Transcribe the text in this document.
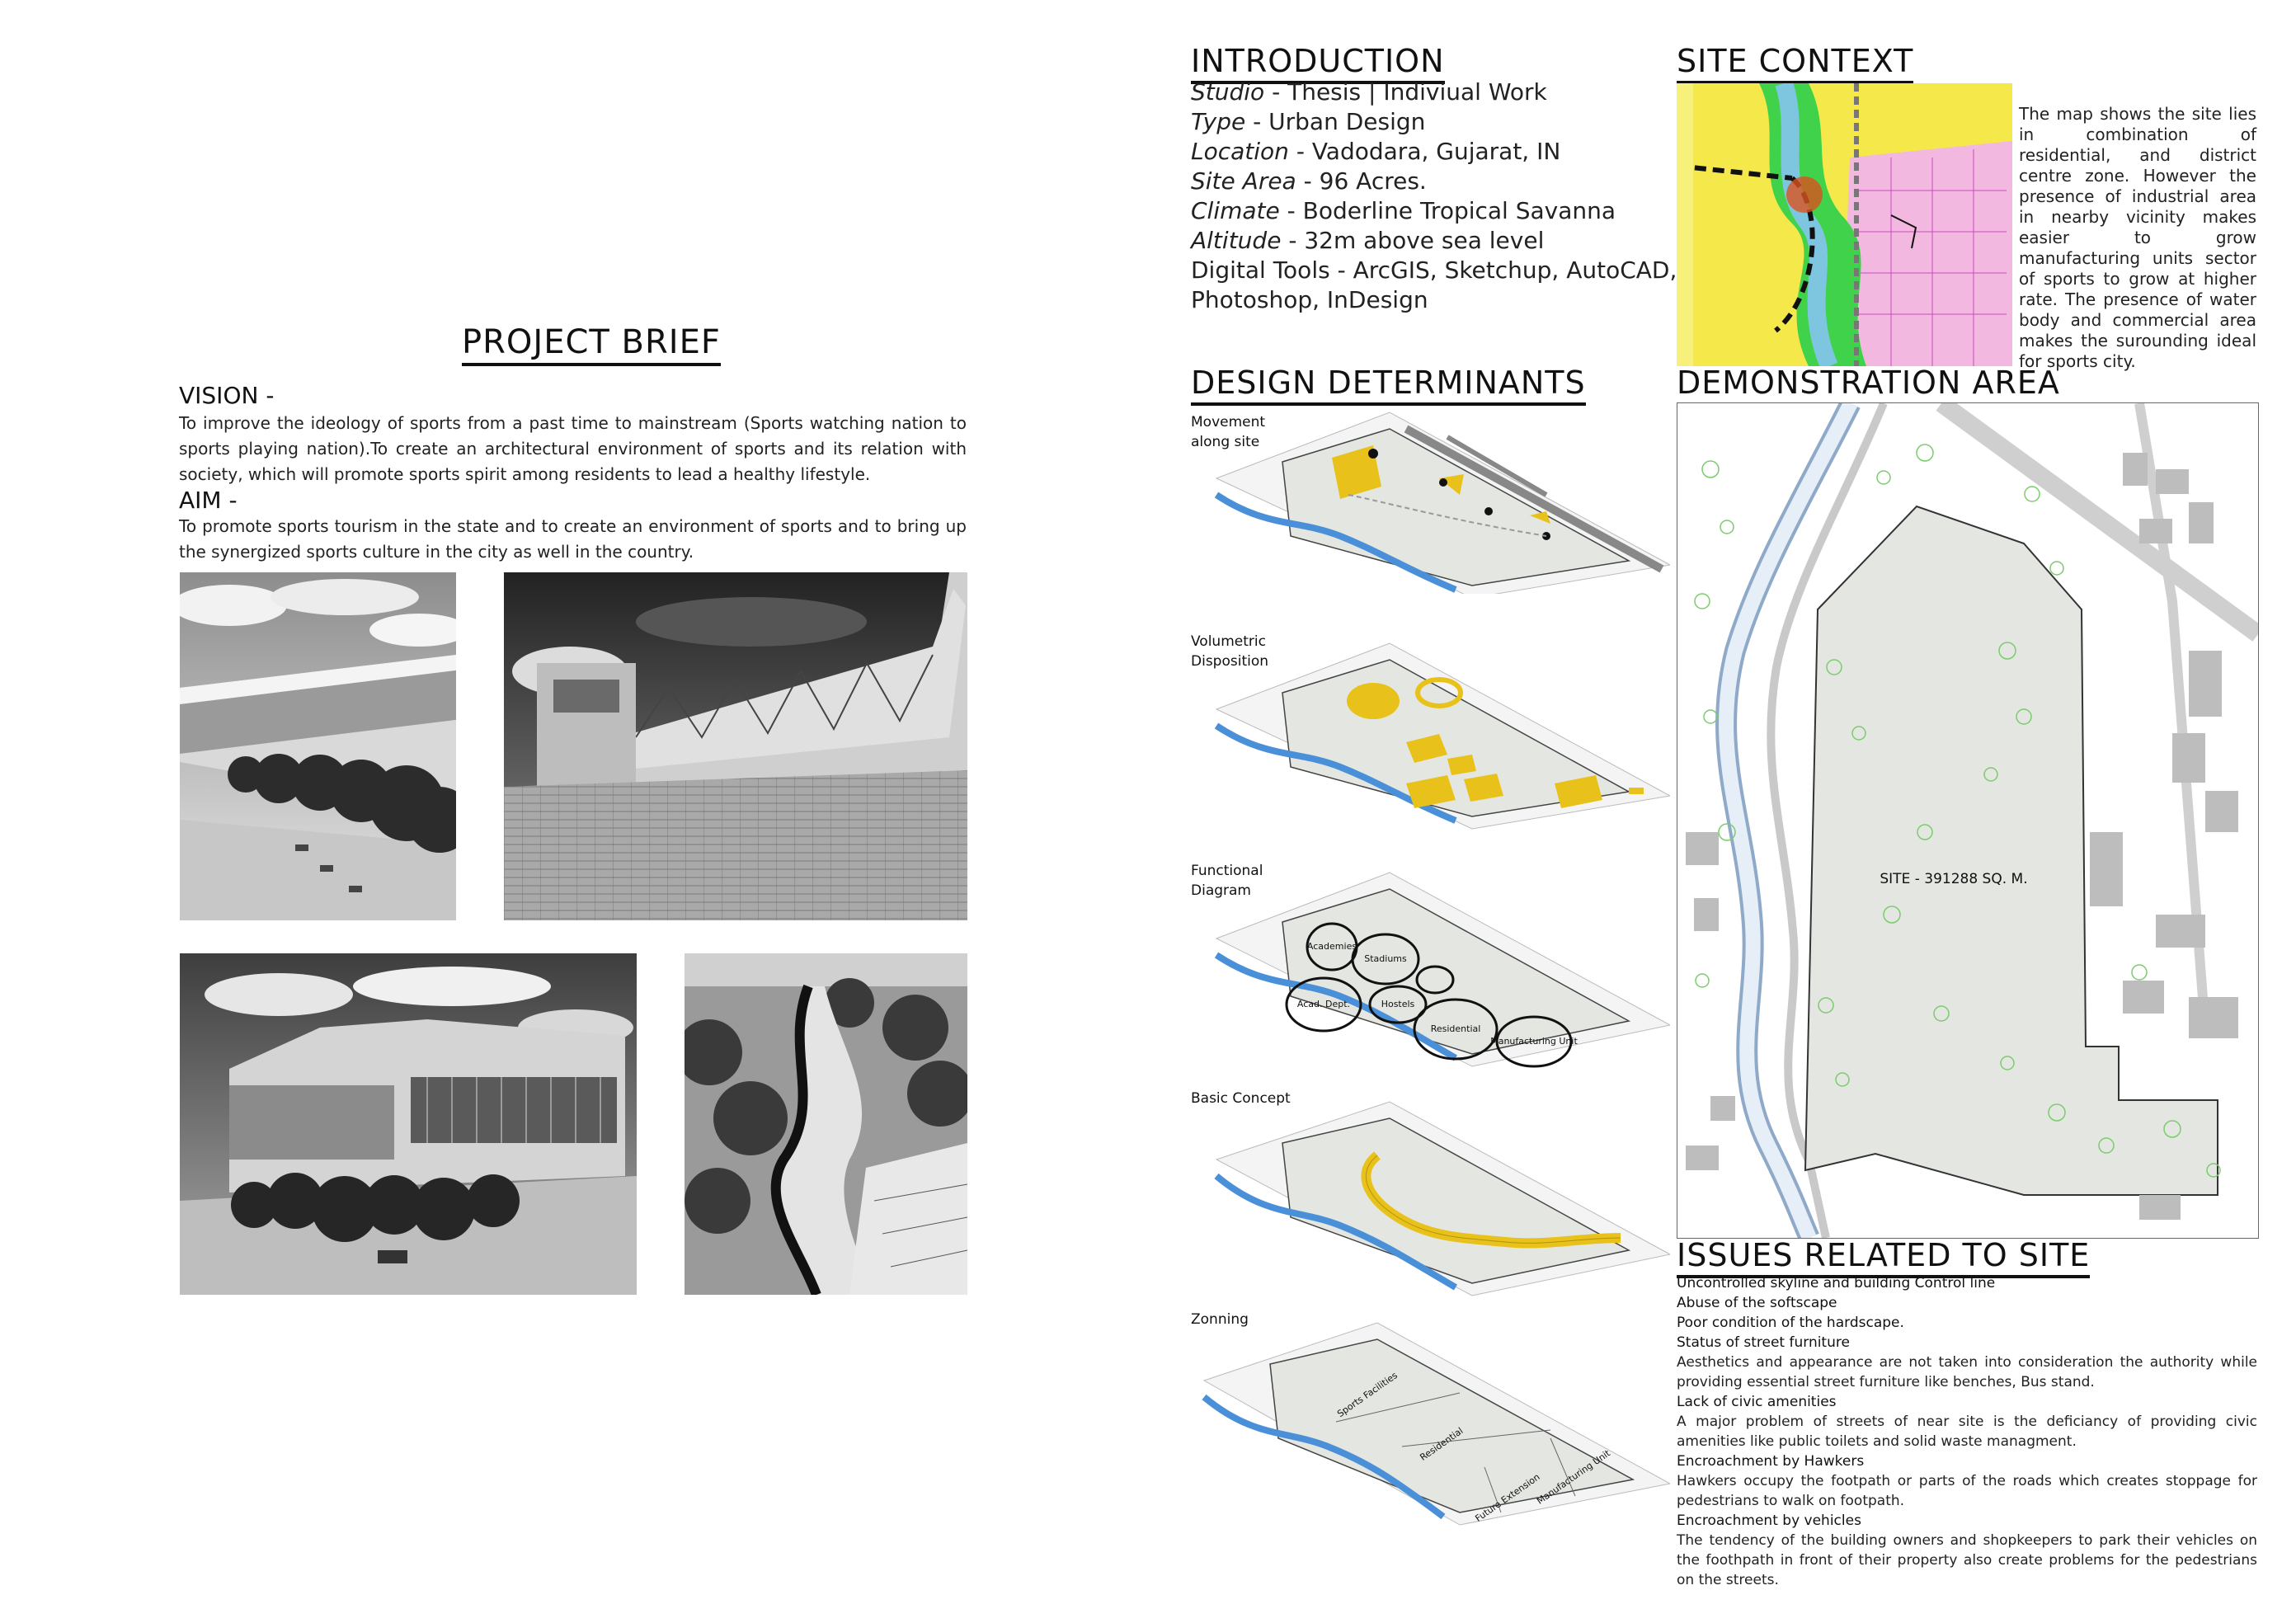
PROJECT BRIEF
VISION -

To improve the ideology of sports from a past time to mainstream (Sports watching nation to sports playing nation).To create an architectural environment of sports and its relation with society, which will promote sports spirit among residents to lead a healthy lifestyle.

AIM -

To promote sports tourism in the state and to create an environment of sports and to bring up the synergized sports culture in the city as well in the country.

INTRODUCTION
Studio - Thesis | Indiviual Work
Type - Urban Design
Location - Vadodara, Gujarat, IN
Site Area - 96 Acres.
Climate - Boderline Tropical Savanna
Altitude - 32m above sea level
Digital Tools - ArcGIS, Sketchup, AutoCAD,
Photoshop, InDesign
DESIGN DETERMINANTS
Movement along site
Volumetric Disposition
Functional Diagram
Basic Concept
Zonning
Stadiums
Hostels
Academies
Residential
Manufacturing Unit
Acad. Dept.
Sports Facilities
Residential
Manufacturing Unit
Future Extension
SITE CONTEXT

The map shows the site lies in combination of residential, and district centre zone. However the presence of industrial area in nearby vicinity makes easier to grow manufacturing units sector of sports to grow at higher rate. The presence of water body and commercial area makes the surounding ideal for sports city.

DEMONSTRATION AREA
SITE - 391288 SQ. M.
ISSUES RELATED TO SITE

Uncontrolled skyline and building Control line

Abuse of the softscape

Poor condition of the hardscape.

Status of street furniture

Aesthetics and appearance are not taken into consideration the authority while providing essential street furniture like benches, Bus stand.

Lack of civic amenities

A major problem of streets of near site is the deficiancy of providing civic amenities like public toilets and solid waste managment.

Encroachment by Hawkers

Hawkers occupy the footpath or parts of the roads which creates stoppage for pedestrians to walk on footpath.

Encroachment by vehicles

The tendency of the building owners and shopkeepers to park their vehicles on the foothpath in front of their property also create problems for the pedestrians on the streets.
